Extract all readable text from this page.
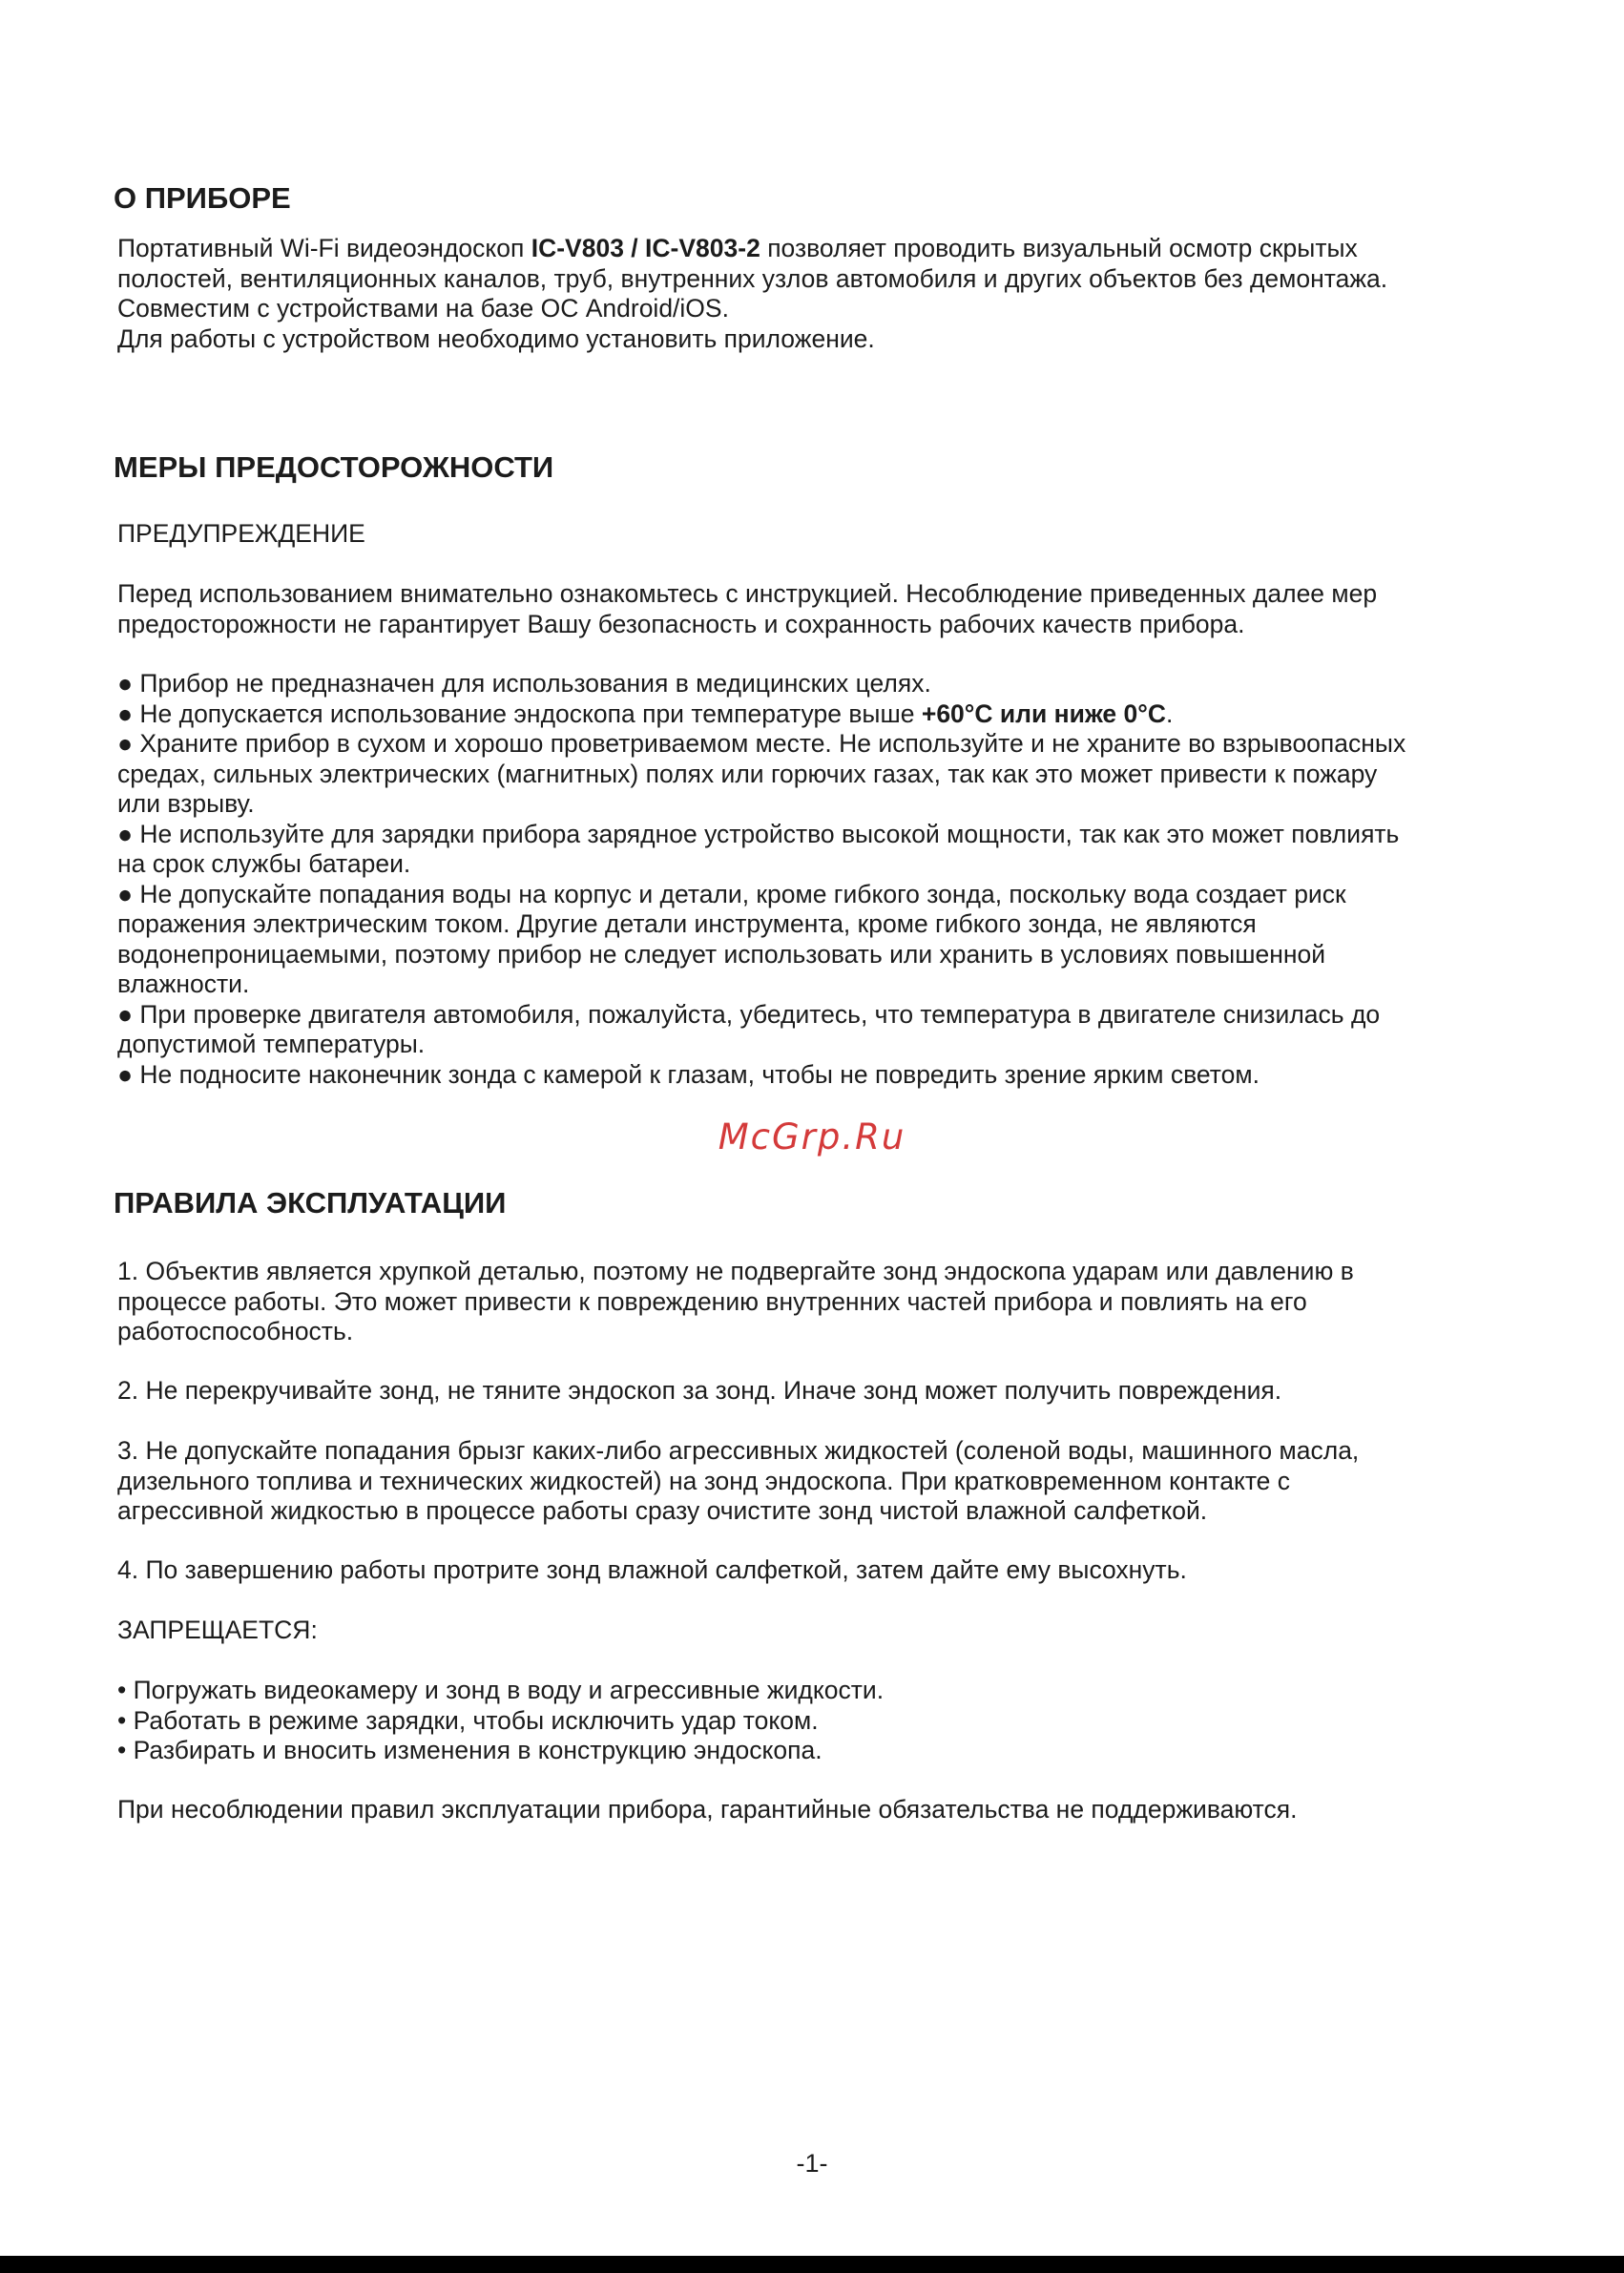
О ПРИБОРЕ
Портативный Wi-Fi видеоэндоскоп IC-V803 / IC-V803-2 позволяет проводить визуальный осмотр скрытых
полостей, вентиляционных каналов, труб, внутренних узлов автомобиля и других объектов без демонтажа.
Совместим с устройствами на базе ОС Android/iOS.
Для работы с устройством необходимо установить приложение.
МЕРЫ ПРЕДОСТОРОЖНОСТИ
ПРЕДУПРЕЖДЕНИЕ
Перед использованием внимательно ознакомьтесь с инструкцией. Несоблюдение приведенных далее мер
предосторожности не гарантирует Вашу безопасность и сохранность рабочих качеств прибора.
● Прибор не предназначен для использования в медицинских целях.
● Не допускается использование эндоскопа при температуре выше +60°C или ниже 0°C.
● Храните прибор в сухом и хорошо проветриваемом месте. Не используйте и не храните во взрывоопасных
средах, сильных электрических (магнитных) полях или горючих газах, так как это может привести к пожару
или взрыву.
● Не используйте для зарядки прибора зарядное устройство высокой мощности, так как это может повлиять
на срок службы батареи.
● Не допускайте попадания воды на корпус и детали, кроме гибкого зонда, поскольку вода создает риск
поражения электрическим током. Другие детали инструмента, кроме гибкого зонда, не являются
водонепроницаемыми, поэтому прибор не следует использовать или хранить в условиях повышенной
влажности.
● При проверке двигателя автомобиля, пожалуйста, убедитесь, что температура в двигателе снизилась до
допустимой температуры.
● Не подносите наконечник зонда с камерой к глазам, чтобы не повредить зрение ярким светом.
McGrp.Ru
ПРАВИЛА ЭКСПЛУАТАЦИИ
1. Объектив является хрупкой деталью, поэтому не подвергайте зонд эндоскопа ударам или давлению в
процессе работы. Это может привести к повреждению внутренних частей прибора и повлиять на его
работоспособность.
2. Не перекручивайте зонд, не тяните эндоскоп за зонд. Иначе зонд может получить повреждения.
3. Не допускайте попадания брызг каких-либо агрессивных жидкостей (соленой воды, машинного масла,
дизельного топлива и технических жидкостей) на зонд эндоскопа. При кратковременном контакте с
агрессивной жидкостью в процессе работы сразу очистите зонд чистой влажной салфеткой.
4. По завершению работы протрите зонд влажной салфеткой, затем дайте ему высохнуть.
ЗАПРЕЩАЕТСЯ:
• Погружать видеокамеру и зонд в воду и агрессивные жидкости.
• Работать в режиме зарядки, чтобы исключить удар током.
• Разбирать и вносить изменения в конструкцию эндоскопа.
При несоблюдении правил эксплуатации прибора, гарантийные обязательства не поддерживаются.
-1-
